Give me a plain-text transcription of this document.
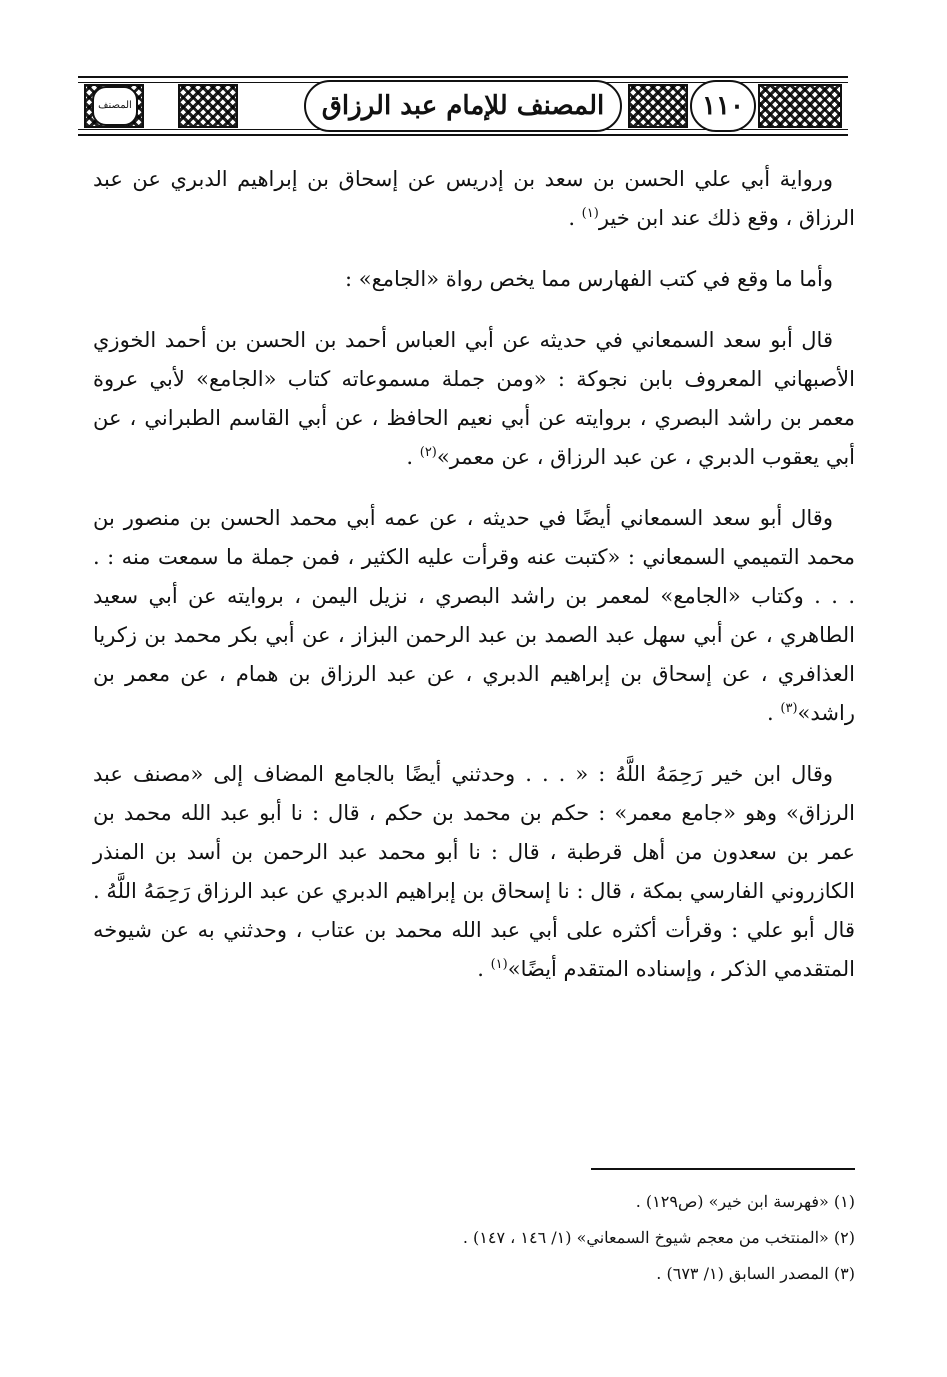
١١٠
المصنف للإمام عبد الرزاق
المصنف

ورواية أبي علي الحسن بن سعد بن إدريس عن إسحاق بن إبراهيم الدبري عن عبد الرزاق ، وقع ذلك عند ابن خير$^{(١)}$ .

وأما ما وقع في كتب الفهارس مما يخص رواة «الجامع» :

قال أبو سعد السمعاني في حديثه عن أبي العباس أحمد بن الحسن بن أحمد الخوزي الأصبهاني المعروف بابن نجوكة : «ومن جملة مسموعاته كتاب «الجامع» لأبي عروة معمر بن راشد البصري ، بروايته عن أبي نعيم الحافظ ، عن أبي القاسم الطبراني ، عن أبي يعقوب الدبري ، عن عبد الرزاق ، عن معمر»$^{(٢)}$ .

وقال أبو سعد السمعاني أيضًا في حديثه ، عن عمه أبي محمد الحسن بن منصور بن محمد التميمي السمعاني : «كتبت عنه وقرأت عليه الكثير ، فمن جملة ما سمعت منه : . . . . وكتاب «الجامع» لمعمر بن راشد البصري ، نزيل اليمن ، بروايته عن أبي سعيد الطاهري ، عن أبي سهل عبد الصمد بن عبد الرحمن البزاز ، عن أبي بكر محمد بن زكريا العذافري ، عن إسحاق بن إبراهيم الدبري ، عن عبد الرزاق بن همام ، عن معمر بن راشد»$^{(٣)}$ .

وقال ابن خير رَحِمَهُ اللَّهُ : « . . . وحدثني أيضًا بالجامع المضاف إلى «مصنف عبد الرزاق» وهو «جامع معمر» : حكم بن محمد بن حكم ، قال : نا أبو عبد الله محمد بن عمر بن سعدون من أهل قرطبة ، قال : نا أبو محمد عبد الرحمن بن أسد بن المنذر الكازروني الفارسي بمكة ، قال : نا إسحاق بن إبراهيم الدبري عن عبد الرزاق رَحِمَهُ اللَّهُ . قال أبو علي : وقرأت أكثره على أبي عبد الله محمد بن عتاب ، وحدثني به عن شيوخه المتقدمي الذكر ، وإسناده المتقدم أيضًا»$^{(١)}$ .

(١) «فهرسة ابن خير» (ص١٢٩) .

(٢) «المنتخب من معجم شيوخ السمعاني» (١/ ١٤٦ ، ١٤٧) .

(٣) المصدر السابق (١/ ٦٧٣) .
